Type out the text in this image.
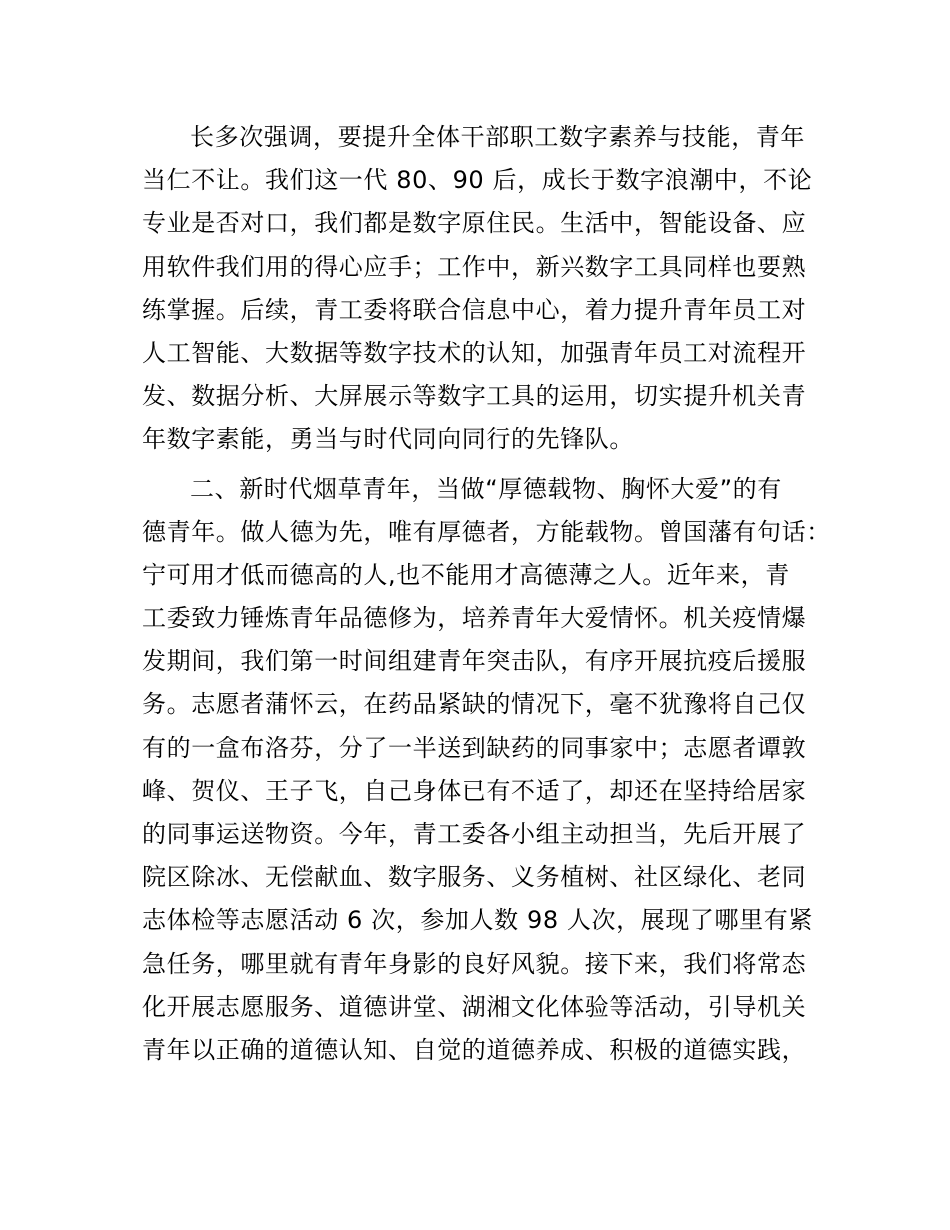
长多次强调，要提升全体干部职工数字素养与技能，青年
当仁不让。我们这一代 80、90 后，成长于数字浪潮中，不论
专业是否对口，我们都是数字原住民。生活中，智能设备、应
用软件我们用的得心应手；工作中，新兴数字工具同样也要熟
练掌握。后续，青工委将联合信息中心，着力提升青年员工对
人工智能、大数据等数字技术的认知，加强青年员工对流程开
发、数据分析、大屏展示等数字工具的运用，切实提升机关青
年数字素能，勇当与时代同向同行的先锋队。
二、新时代烟草青年，当做“厚德载物、胸怀大爱”的有
德青年。做人德为先，唯有厚德者，方能载物。曾国藩有句话：
宁可用才低而德高的人,也不能用才高德薄之人。近年来，青
工委致力锤炼青年品德修为，培养青年大爱情怀。机关疫情爆
发期间，我们第一时间组建青年突击队，有序开展抗疫后援服
务。志愿者蒲怀云，在药品紧缺的情况下，毫不犹豫将自己仅
有的一盒布洛芬，分了一半送到缺药的同事家中；志愿者谭敦
峰、贺仪、王子飞，自己身体已有不适了，却还在坚持给居家
的同事运送物资。今年，青工委各小组主动担当，先后开展了
院区除冰、无偿献血、数字服务、义务植树、社区绿化、老同
志体检等志愿活动 6 次，参加人数 98 人次，展现了哪里有紧
急任务，哪里就有青年身影的良好风貌。接下来，我们将常态
化开展志愿服务、道德讲堂、湖湘文化体验等活动，引导机关
青年以正确的道德认知、自觉的道德养成、积极的道德实践，
